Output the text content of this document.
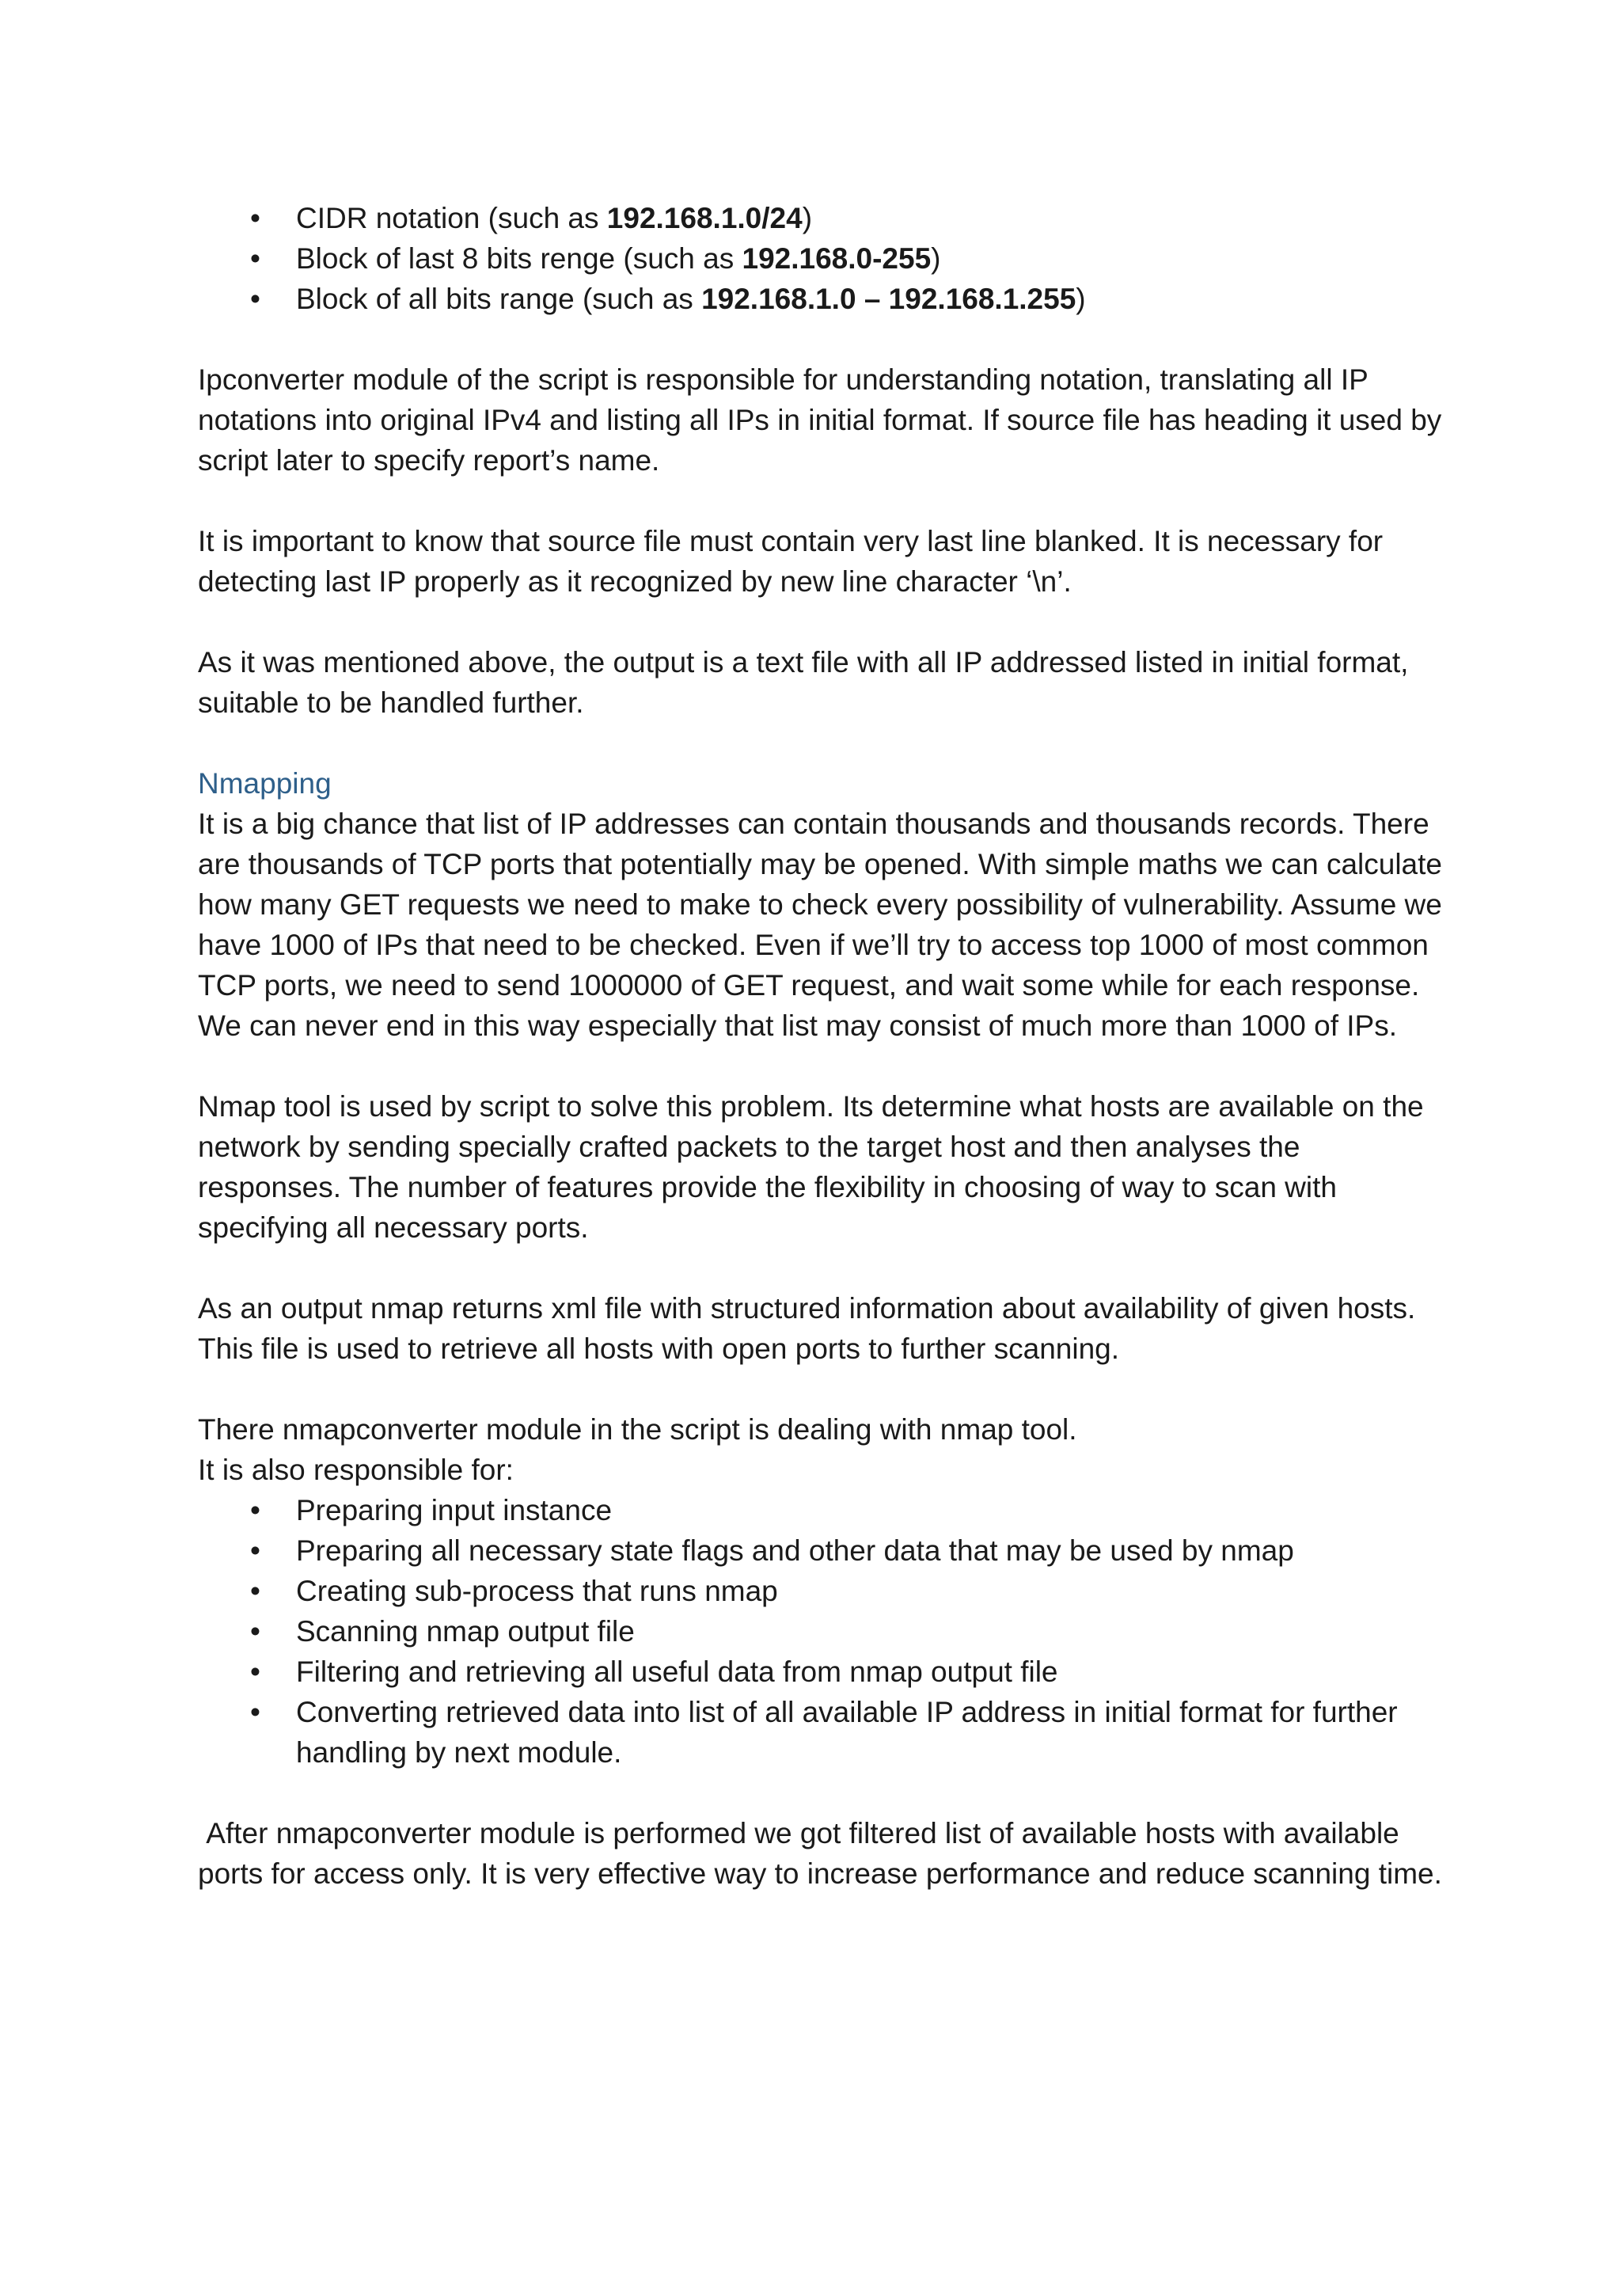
• CIDR notation (such as 192.168.1.0/24)
• Block of last 8 bits renge (such as 192.168.0-255)
• Block of all bits range (such as 192.168.1.0 – 192.168.1.255)

Ipconverter module of the script is responsible for understanding notation, translating all IP notations into original IPv4 and listing all IPs in initial format. If source file has heading it used by script later to specify report’s name.

It is important to know that source file must contain very last line blanked. It is necessary for detecting last IP properly as it recognized by new line character ‘\n’.

As it was mentioned above, the output is a text file with all IP addressed listed in initial format, suitable to be handled further.

Nmapping

It is a big chance that list of IP addresses can contain thousands and thousands records. There are thousands of TCP ports that potentially may be opened. With simple maths we can calculate how many GET requests we need to make to check every possibility of vulnerability. Assume we have 1000 of IPs that need to be checked. Even if we’ll try to access top 1000 of most common TCP ports, we need to send 1000000 of GET request, and wait some while for each response. We can never end in this way especially that list may consist of much more than 1000 of IPs.

Nmap tool is used by script to solve this problem. Its determine what hosts are available on the network by sending specially crafted packets to the target host and then analyses the responses. The number of features provide the flexibility in choosing of way to scan with specifying all necessary ports.

As an output nmap returns xml file with structured information about availability of given hosts. This file is used to retrieve all hosts with open ports to further scanning.

There nmapconverter module in the script is dealing with nmap tool.

It is also responsible for:

• Preparing input instance
• Preparing all necessary state flags and other data that may be used by nmap
• Creating sub-process that runs nmap
• Scanning nmap output file
• Filtering and retrieving all useful data from nmap output file
• Converting retrieved data into list of all available IP address in initial format for further handling by next module.

After nmapconverter module is performed we got filtered list of available hosts with available ports for access only. It is very effective way to increase performance and reduce scanning time.
